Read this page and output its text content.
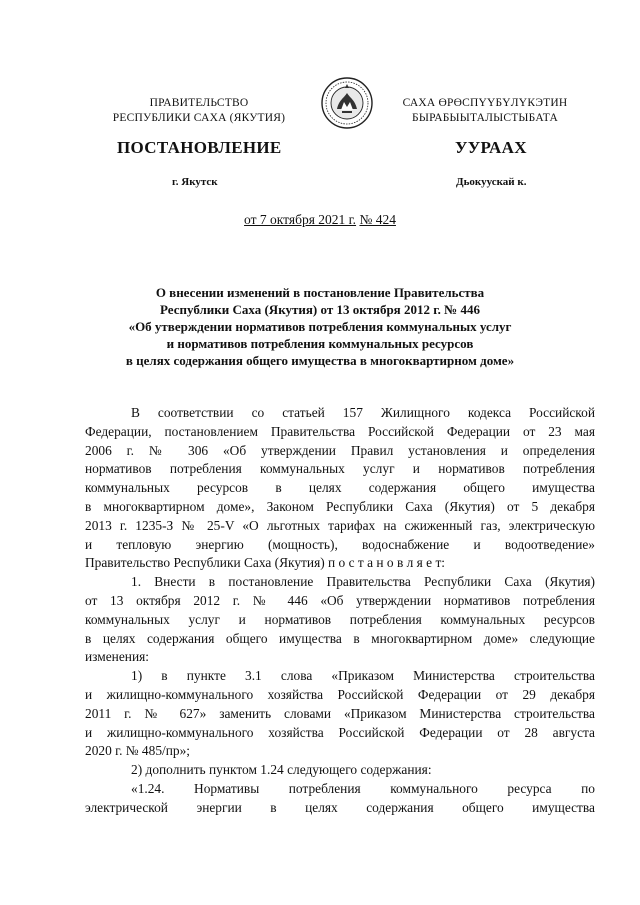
ПРАВИТЕЛЬСТВО
РЕСПУБЛИКИ САХА (ЯКУТИЯ)
САХА ӨРӨСПҮҮБҮЛҮКЭТИН
БЫРАБЫЫТАЛЫСТЫБАТА
ПОСТАНОВЛЕНИЕ	УУРААХ
г. Якутск	Дьокуускай к.
от 7 октября 2021 г. № 424
О внесении изменений в постановление Правительства
Республики Саха (Якутия) от 13 октября 2012 г. № 446
«Об утверждении нормативов потребления коммунальных услуг
и нормативов потребления коммунальных ресурсов
в целях содержания общего имущества в многоквартирном доме»
В соответствии со статьей 157 Жилищного кодекса Российской
Федерации, постановлением Правительства Российской Федерации от 23 мая
2006 г. № 306 «Об утверждении Правил установления и определения
нормативов потребления коммунальных услуг и нормативов потребления
коммунальных ресурсов в целях содержания общего имущества
в многоквартирном доме», Законом Республики Саха (Якутия) от 5 декабря
2013 г. 1235-З № 25-V «О льготных тарифах на сжиженный газ, электрическую
и тепловую энергию (мощность), водоснабжение и водоотведение»
Правительство Республики Саха (Якутия) п о с т а н о в л я е т:
1. Внести в постановление Правительства Республики Саха (Якутия)
от 13 октября 2012 г. № 446 «Об утверждении нормативов потребления
коммунальных услуг и нормативов потребления коммунальных ресурсов
в целях содержания общего имущества в многоквартирном доме» следующие
изменения:
1) в пункте 3.1 слова «Приказом Министерства строительства
и жилищно-коммунального хозяйства Российской Федерации от 29 декабря
2011 г. № 627» заменить словами «Приказом Министерства строительства
и жилищно-коммунального хозяйства Российской Федерации от 28 августа
2020 г. № 485/пр»;
2) дополнить пунктом 1.24 следующего содержания:
«1.24. Нормативы потребления коммунального ресурса по
электрической энергии в целях содержания общего имущества
